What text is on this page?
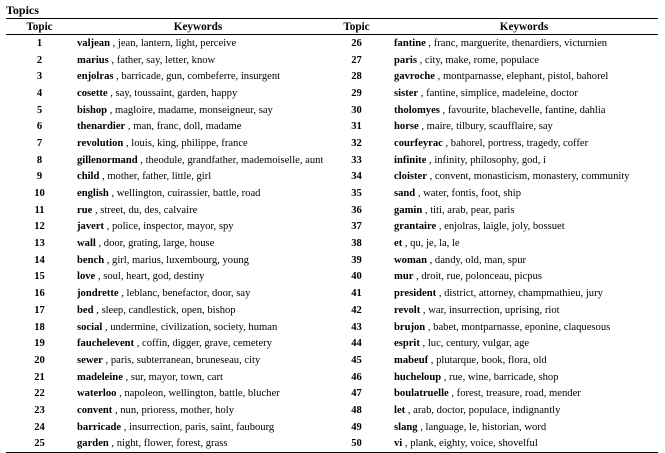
Topics
Topic	Keywords	Topic	Keywords
1	valjean , jean, lantern, light, perceive	26	fantine , franc, marguerite, thenardiers, victurnien
2	marius , father, say, letter, know	27	paris , city, make, rome, populace
3	enjolras , barricade, gun, combeferre, insurgent	28	gavroche , montparnasse, elephant, pistol, bahorel
4	cosette , say, toussaint, garden, happy	29	sister , fantine, simplice, madeleine, doctor
5	bishop , magloire, madame, monseigneur, say	30	tholomyes , favourite, blachevelle, fantine, dahlia
6	thenardier , man, franc, doll, madame	31	horse , maire, tilbury, scaufflaire, say
7	revolution , louis, king, philippe, france	32	courfeyrac , bahorel, portress, tragedy, coffer
8	gillenormand , theodule, grandfather, mademoiselle, aunt	33	infinite , infinity, philosophy, god, i
9	child , mother, father, little, girl	34	cloister , convent, monasticism, monastery, community
10	english , wellington, cuirassier, battle, road	35	sand , water, fontis, foot, ship
11	rue , street, du, des, calvaire	36	gamin , titi, arab, pear, paris
12	javert , police, inspector, mayor, spy	37	grantaire , enjolras, laigle, joly, bossuet
13	wall , door, grating, large, house	38	et , qu, je, la, le
14	bench , girl, marius, luxembourg, young	39	woman , dandy, old, man, spur
15	love , soul, heart, god, destiny	40	mur , droit, rue, polonceau, picpus
16	jondrette , leblanc, benefactor, door, say	41	president , district, attorney, champmathieu, jury
17	bed , sleep, candlestick, open, bishop	42	revolt , war, insurrection, uprising, riot
18	social , undermine, civilization, society, human	43	brujon , babet, montparnasse, eponine, claquesous
19	fauchelevent , coffin, digger, grave, cemetery	44	esprit , luc, century, vulgar, age
20	sewer , paris, subterranean, bruneseau, city	45	mabeuf , plutarque, book, flora, old
21	madeleine , sur, mayor, town, cart	46	hucheloup , rue, wine, barricade, shop
22	waterloo , napoleon, wellington, battle, blucher	47	boulatruelle , forest, treasure, road, mender
23	convent , nun, prioress, mother, holy	48	let , arab, doctor, populace, indignantly
24	barricade , insurrection, paris, saint, faubourg	49	slang , language, le, historian, word
25	garden , night, flower, forest, grass	50	vi , plank, eighty, voice, shovelful
